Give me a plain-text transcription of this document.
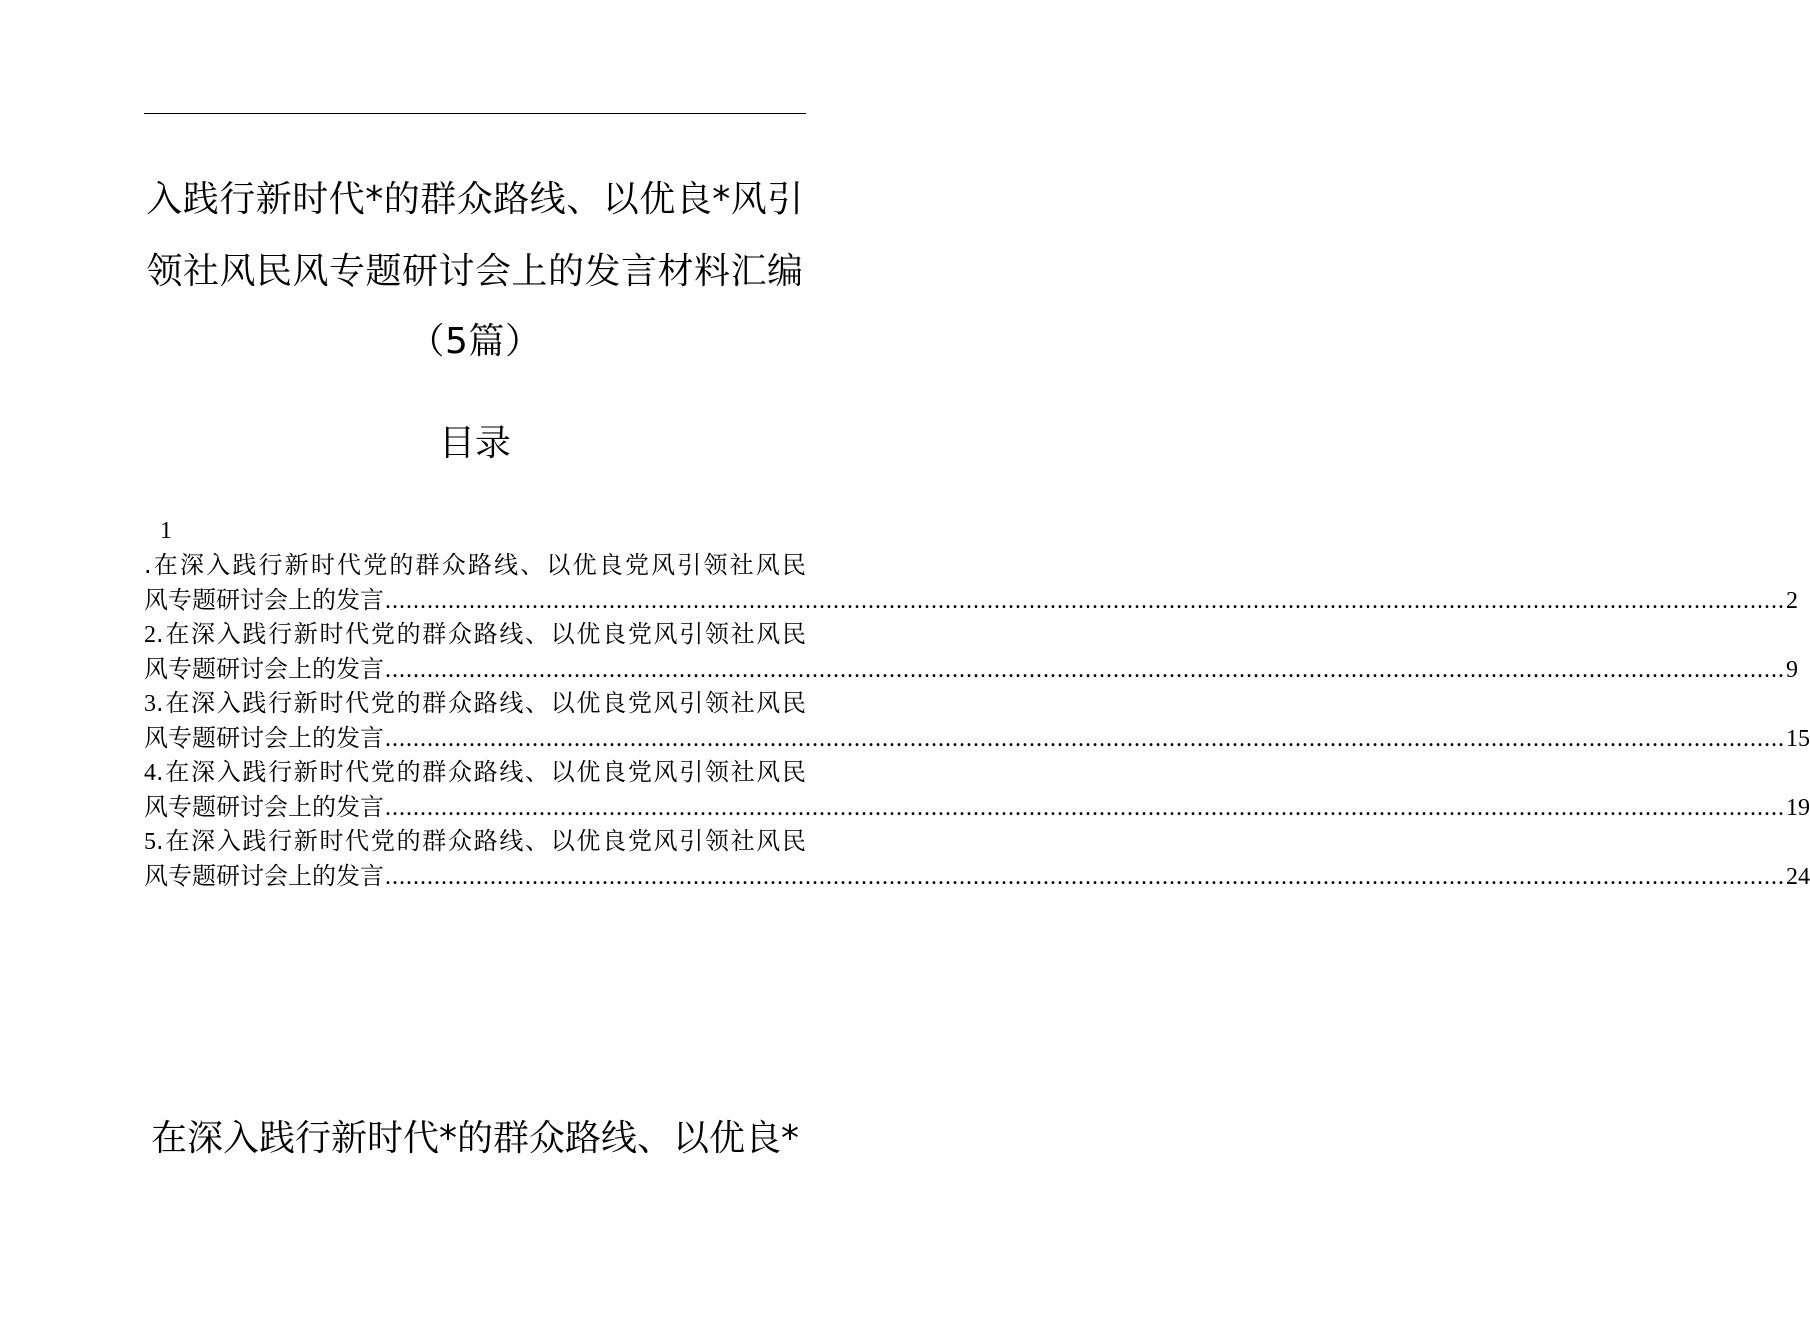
入践行新时代*的群众路线、以优良*风引
领社风民风专题研讨会上的发言材料汇编
（5篇）
目录
1
.在深入践行新时代党的群众路线、以优良党风引领社风民
风专题研讨会上的发言 ........................................................................................................................................................................................................ 2
2.在深入践行新时代党的群众路线、以优良党风引领社风民
风专题研讨会上的发言 ........................................................................................................................................................................................................ 9
3.在深入践行新时代党的群众路线、以优良党风引领社风民
风专题研讨会上的发言 ........................................................................................................................................................................................................ 15
4.在深入践行新时代党的群众路线、以优良党风引领社风民
风专题研讨会上的发言 ........................................................................................................................................................................................................ 19
5.在深入践行新时代党的群众路线、以优良党风引领社风民
风专题研讨会上的发言 ........................................................................................................................................................................................................ 24
在深入践行新时代*的群众路线、以优良*
